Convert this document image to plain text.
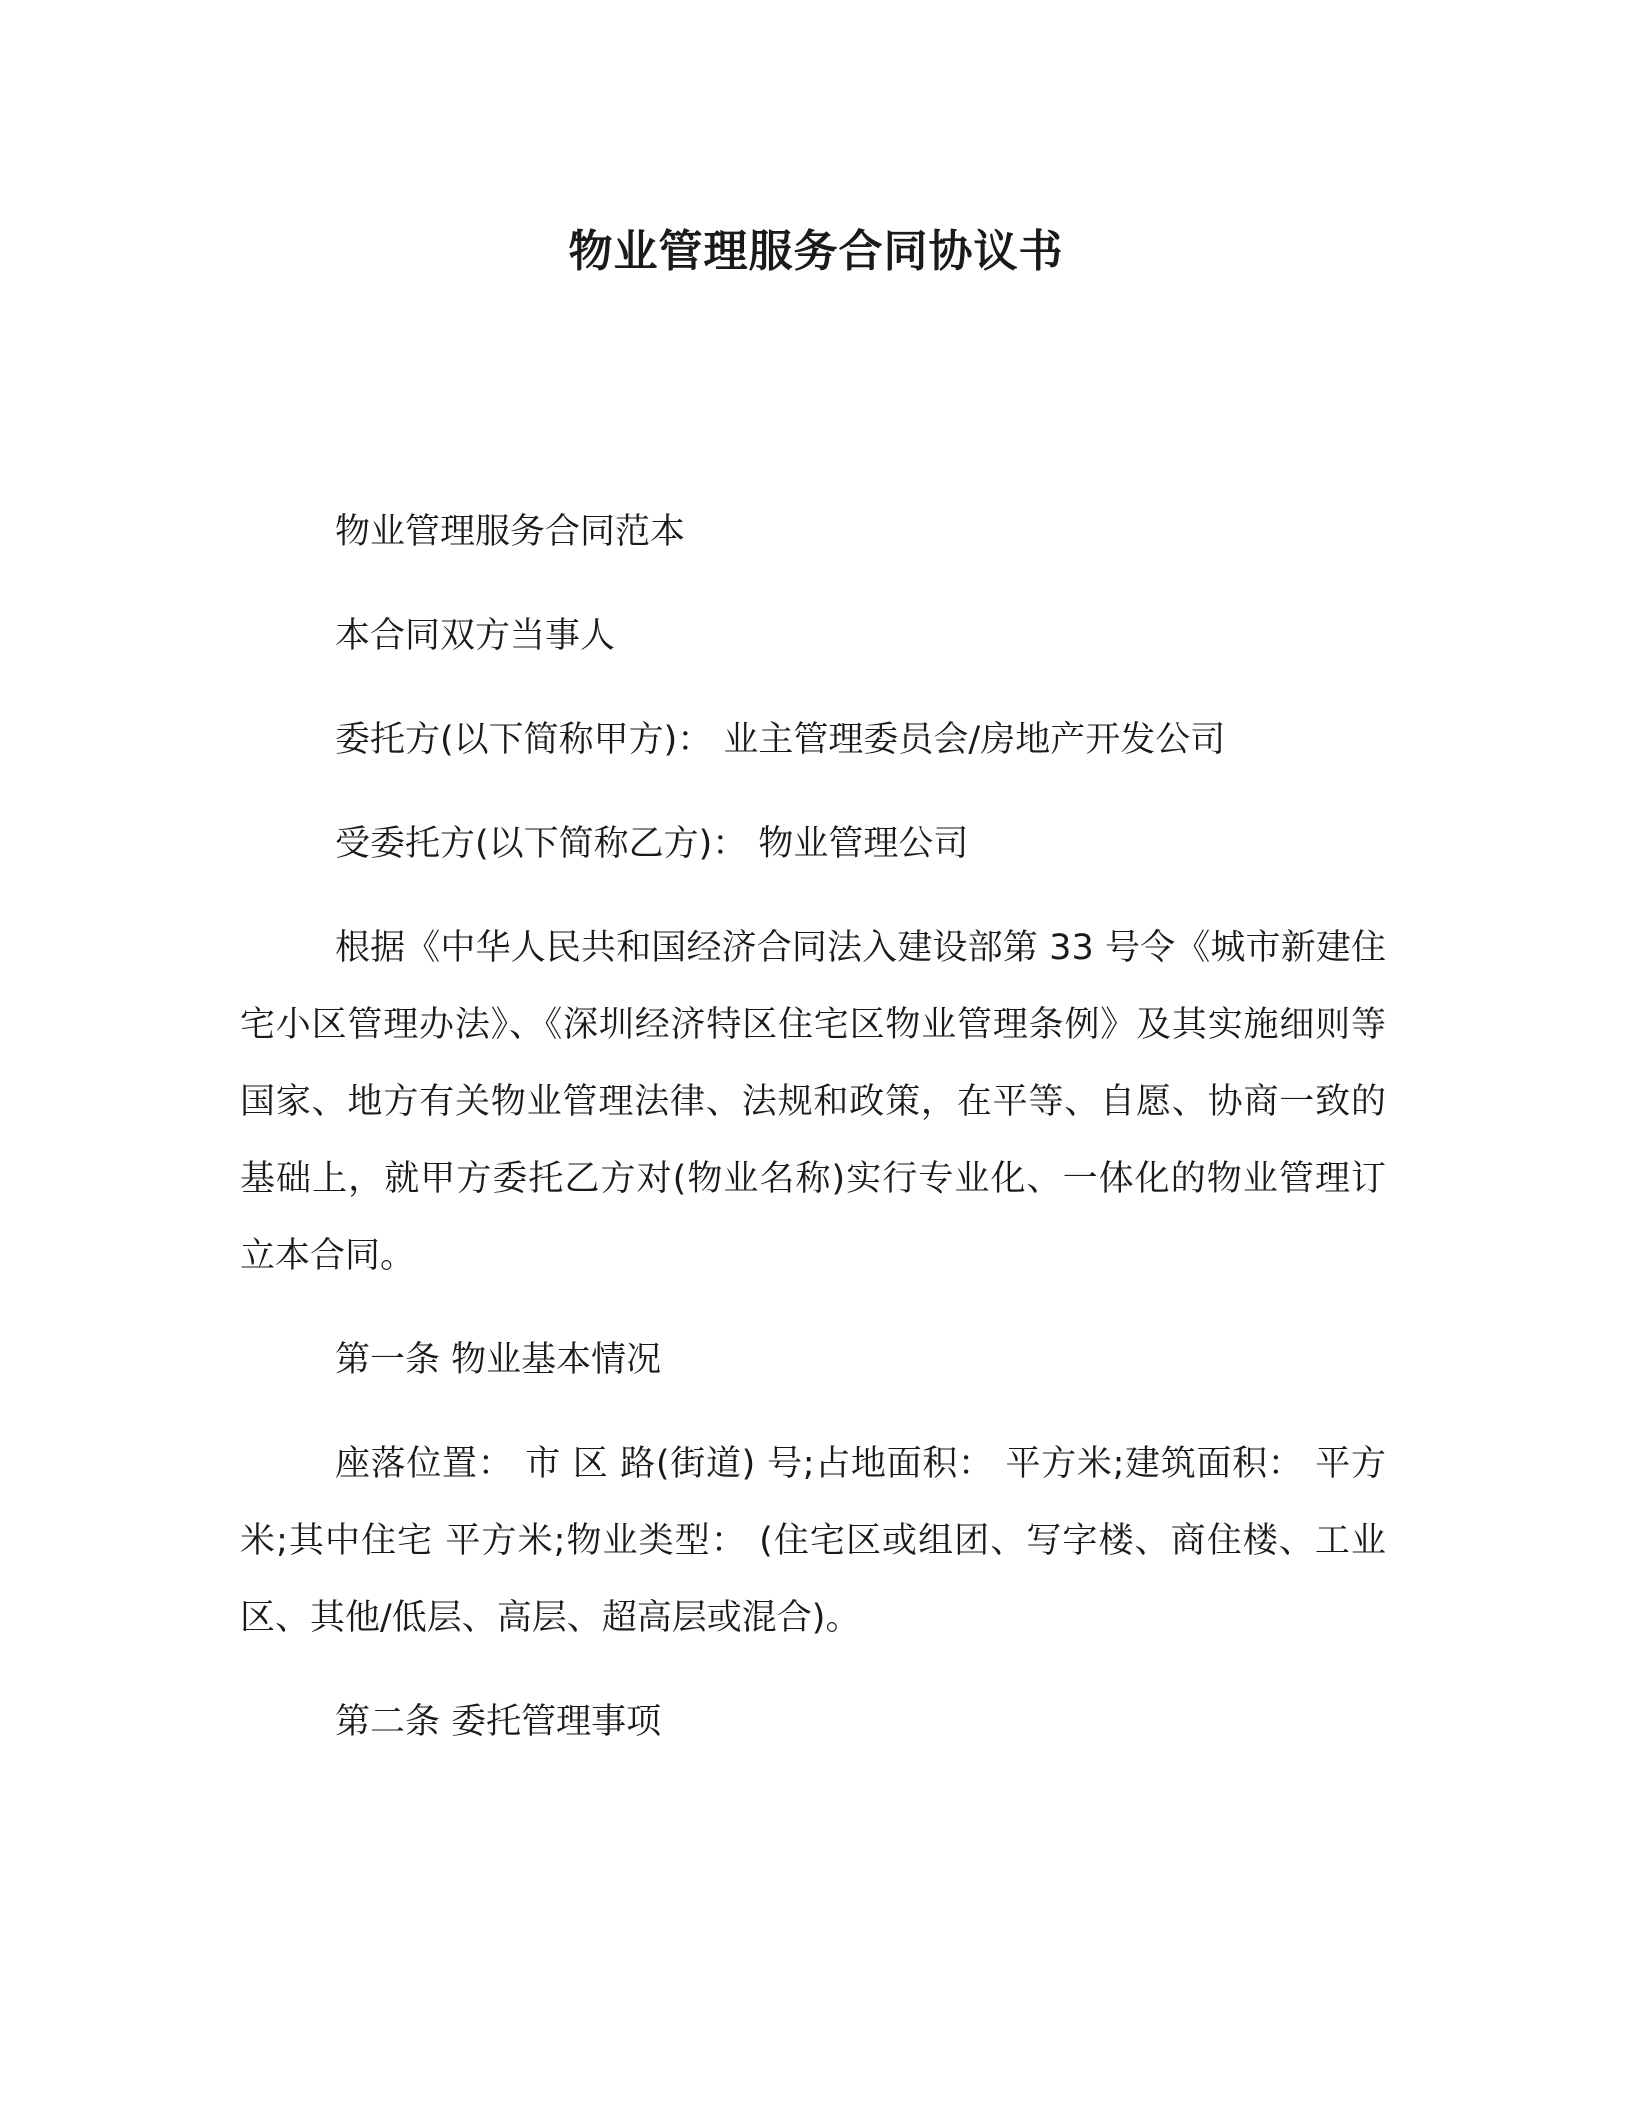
物业管理服务合同协议书

物业管理服务合同范本

本合同双方当事人

委托方(以下简称甲方)： 业主管理委员会/房地产开发公司

受委托方(以下简称乙方)： 物业管理公司

根据《中华人民共和国经济合同法入建设部第 33 号令《城市新建住宅小区管理办法》、《深圳经济特区住宅区物业管理条例》及其实施细则等国家、地方有关物业管理法律、法规和政策，在平等、自愿、协商一致的基础上，就甲方委托乙方对(物业名称)实行专业化、一体化的物业管理订立本合同。

第一条 物业基本情况

座落位置： 市 区 路(街道) 号;占地面积： 平方米;建筑面积： 平方米;其中住宅 平方米;物业类型： (住宅区或组团、写字楼、商住楼、工业区、其他/低层、高层、超高层或混合)。

第二条 委托管理事项
